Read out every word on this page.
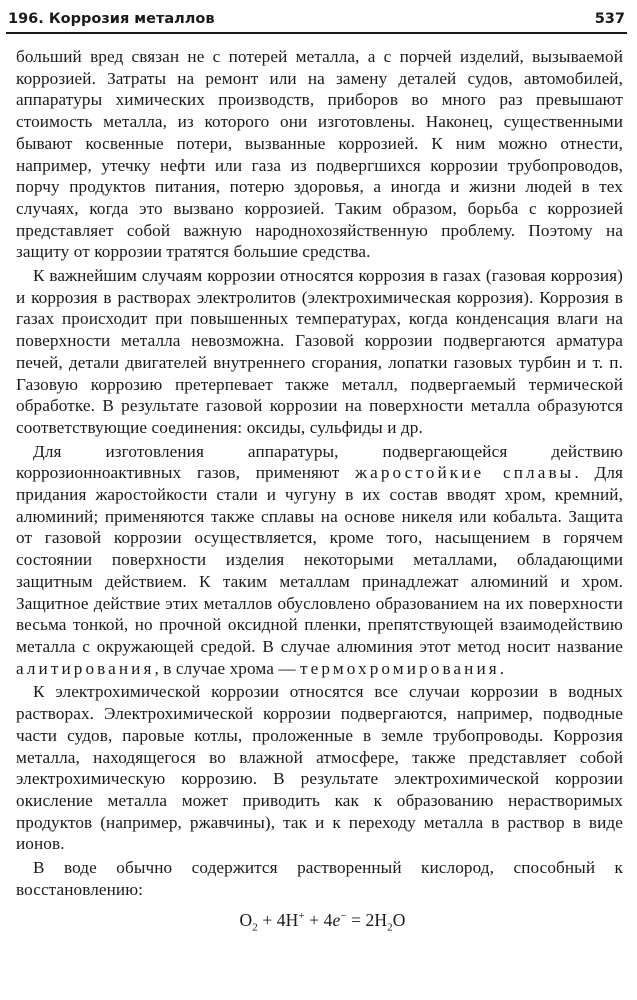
196. Коррозия металлов	537

больший вред связан не с потерей металла, а с порчей изделий, вызываемой коррозией. Затраты на ремонт или на замену деталей судов, автомобилей, аппаратуры химических производств, приборов во много раз превышают стоимость металла, из которого они изготовлены. Наконец, существенными бывают косвенные потери, вызванные коррозией. К ним можно отнести, например, утечку нефти или газа из подвергшихся коррозии трубопроводов, порчу продуктов питания, потерю здоровья, а иногда и жизни людей в тех случаях, когда это вызвано коррозией. Таким образом, борьба с коррозией представляет собой важную народнохозяйственную проблему. Поэтому на защиту от коррозии тратятся большие средства.

К важнейшим случаям коррозии относятся коррозия в газах (газовая коррозия) и коррозия в растворах электролитов (электрохимическая коррозия). Коррозия в газах происходит при повышенных температурах, когда конденсация влаги на поверхности металла невозможна. Газовой коррозии подвергаются арматура печей, детали двигателей внутреннего сгорания, лопатки газовых турбин и т. п. Газовую коррозию претерпевает также металл, подвергаемый термической обработке. В результате газовой коррозии на поверхности металла образуются соответствующие соединения: оксиды, сульфиды и др.

Для изготовления аппаратуры, подвергающейся действию коррозионноактивных газов, применяют жаростойкие сплавы. Для придания жаростойкости стали и чугуну в их состав вводят хром, кремний, алюминий; применяются также сплавы на основе никеля или кобальта. Защита от газовой коррозии осуществляется, кроме того, насыщением в горячем состоянии поверхности изделия некоторыми металлами, обладающими защитным действием. К таким металлам принадлежат алюминий и хром. Защитное действие этих металлов обусловлено образованием на их поверхности весьма тонкой, но прочной оксидной пленки, препятствующей взаимодействию металла с окружающей средой. В случае алюминия этот метод носит название алитирования, в случае хрома — термохромирования.

К электрохимической коррозии относятся все случаи коррозии в водных растворах. Электрохимической коррозии подвергаются, например, подводные части судов, паровые котлы, проложенные в земле трубопроводы. Коррозия металла, находящегося во влажной атмосфере, также представляет собой электрохимическую коррозию. В результате электрохимической коррозии окисление металла может приводить как к образованию нерастворимых продуктов (например, ржавчины), так и к переходу металла в раствор в виде ионов.

В воде обычно содержится растворенный кислород, способный к восстановлению:

$O_2 + 4H^+ + 4e^- = 2H_2O$
